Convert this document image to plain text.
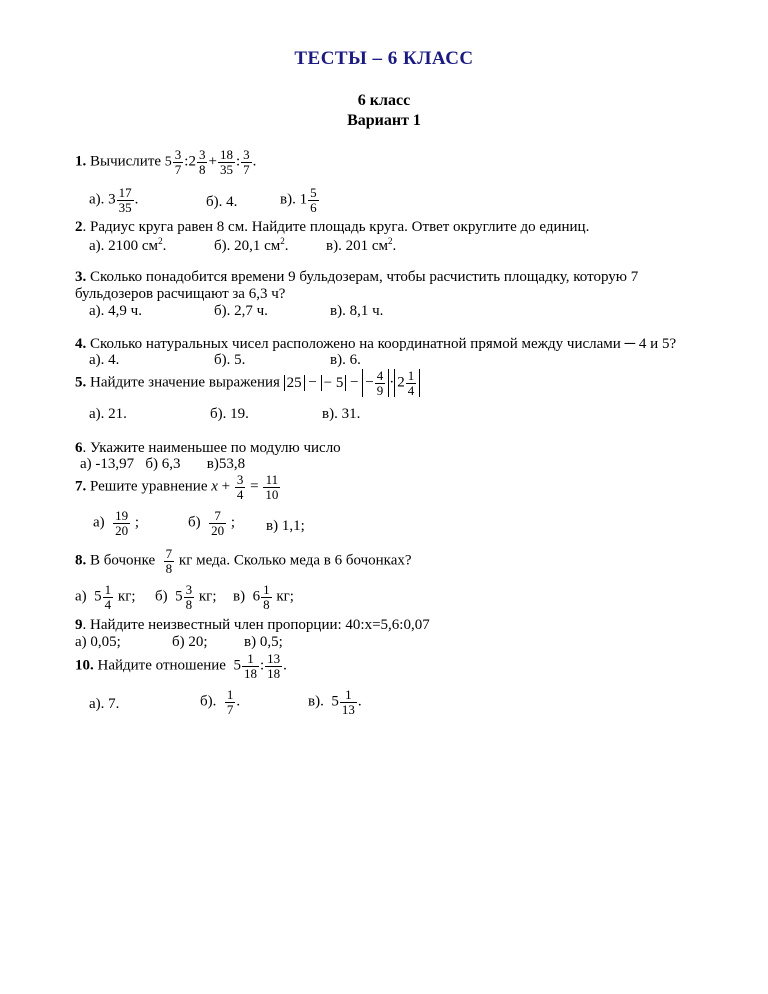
ТЕСТЫ – 6 КЛАСС
6 класс
Вариант 1
1. Вычислите $5 \frac{3}{7}$ :2 $\frac{3}{8} + \frac{18}{35}$ : $\frac{3}{7}$ .
а). $3 \frac{17}{35}$ .	б). 4.	в). $1 \frac{5}{6}$
2. Радиус круга равен 8 см. Найдите площадь круга. Ответ округлите до единиц.
а). 2100 $см^2$.	б). 20,1 $см^2$. в). 201 $см^2$.
3. Сколько понадобится времени 9 бульдозерам, чтобы расчистить площадку, которую 7
бульдозеров расчищают за 6,3 ч?
а). 4,9 ч.	б). 2,7 ч.	в). 8,1 ч.
4. Сколько натуральных чисел расположено на координатной прямой между числами ─ 4 и 5?
а). 4.	б). 5.	в). 6.
5. Найдите значение выражения 25 − − 5 − − $\frac{4}{9} \cdot 2 \frac{1}{4}$
а). 21.	б). 19.	в). 31.
6. Укажите наименьшее по модулю число
а) -13,97   б) 6,3       в)53,8
7. Решите уравнение $x + \frac{3}{4} = \frac{11}{10}$
$а) \frac{19}{20}$ ;	$б) \frac{7}{20}$ ; в) 1,1;
8. В бочонке $\frac{7}{8}$ кг меда. Сколько меда в 6 бочонках?
а) $5 \frac{1}{4}$ кг; б) $5 \frac{3}{8}$ кг; в) $6 \frac{1}{8}$ кг;
9. Найдите неизвестный член пропорции: 40:x=5,6:0,07
а) 0,05;	б) 20; в) 0,5;
10. Найдите отношение $5 \frac{1}{18}$ : $\frac{13}{18}$ .
а). 7.	б). $\frac{1}{7}$ .	в). $5 \frac{1}{13}$ .
